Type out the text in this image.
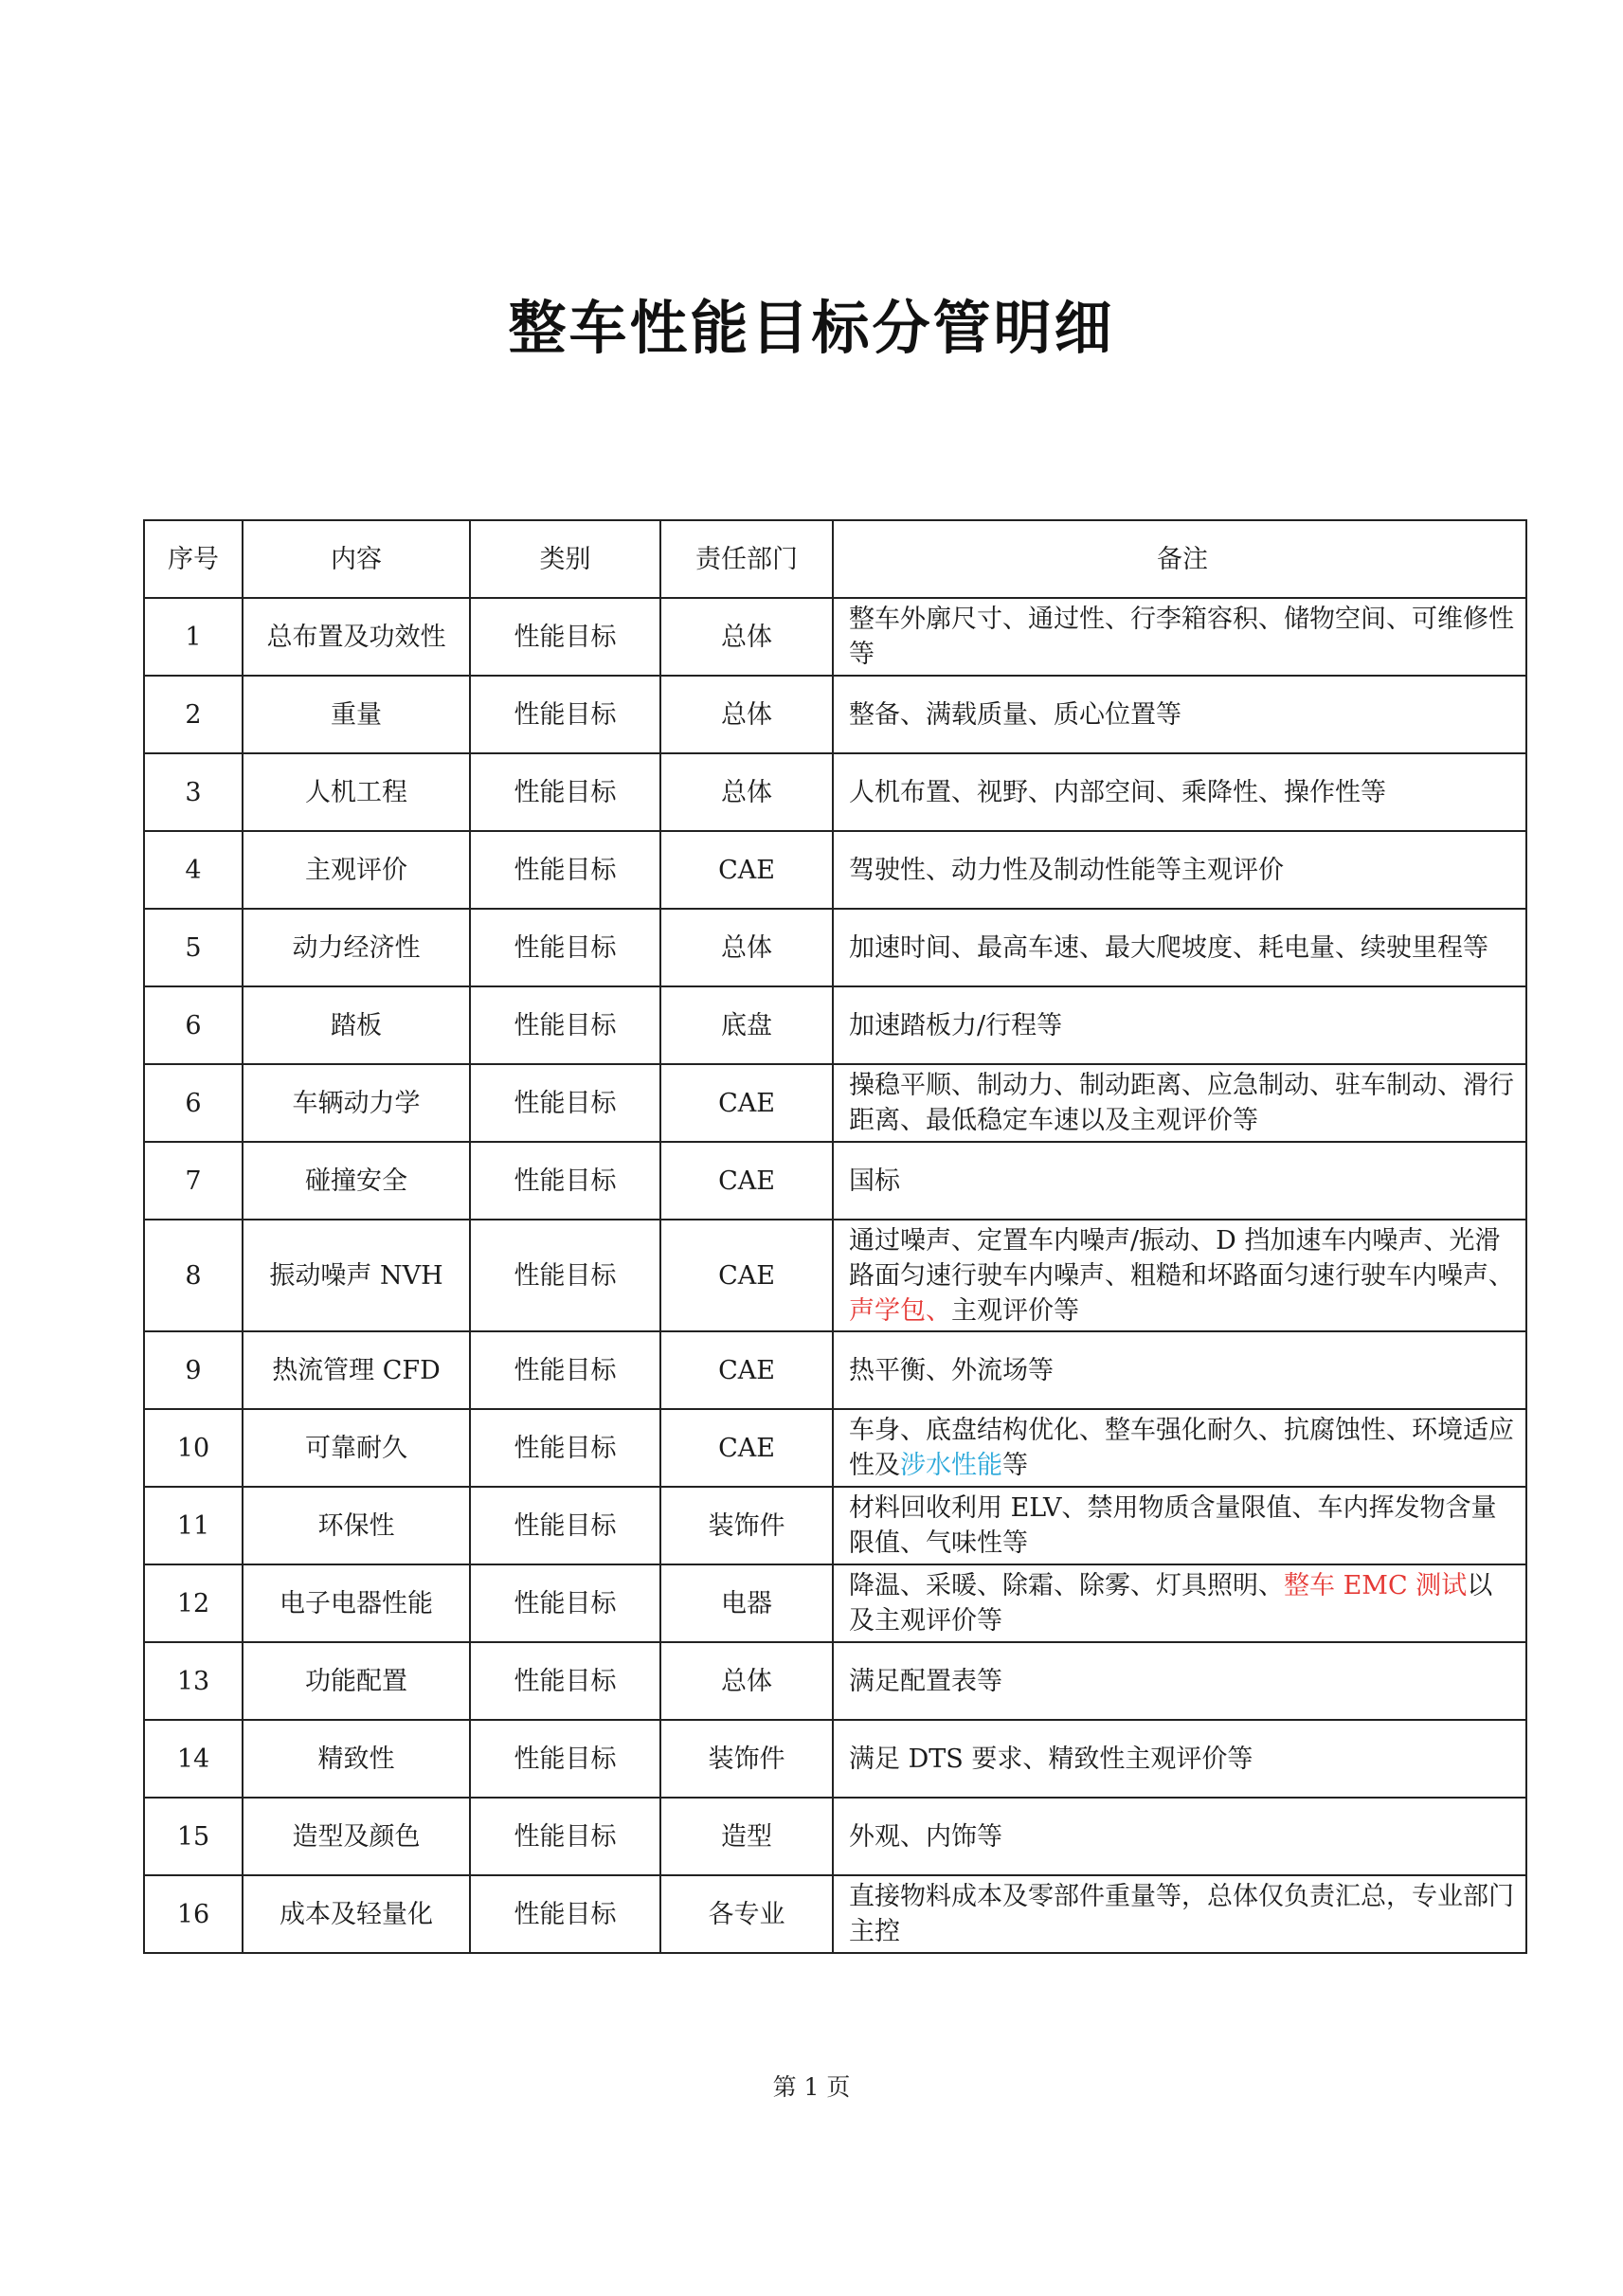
整车性能目标分管明细
序号	内容	类别	责任部门	备注
1	总布置及功效性	性能目标	总体	整车外廓尺寸、通过性、行李箱容积、储物空间、可维修性等
2	重量	性能目标	总体	整备、满载质量、质心位置等
3	人机工程	性能目标	总体	人机布置、视野、内部空间、乘降性、操作性等
4	主观评价	性能目标	CAE	驾驶性、动力性及制动性能等主观评价
5	动力经济性	性能目标	总体	加速时间、最高车速、最大爬坡度、耗电量、续驶里程等
6	踏板	性能目标	底盘	加速踏板力/行程等
6	车辆动力学	性能目标	CAE	操稳平顺、制动力、制动距离、应急制动、驻车制动、滑行距离、最低稳定车速以及主观评价等
7	碰撞安全	性能目标	CAE	国标
8	振动噪声 NVH	性能目标	CAE	通过噪声、定置车内噪声/振动、D 挡加速车内噪声、光滑路面匀速行驶车内噪声、粗糙和坏路面匀速行驶车内噪声、声学包、主观评价等
9	热流管理 CFD	性能目标	CAE	热平衡、外流场等
10	可靠耐久	性能目标	CAE	车身、底盘结构优化、整车强化耐久、抗腐蚀性、环境适应性及涉水性能等
11	环保性	性能目标	装饰件	材料回收利用 ELV、禁用物质含量限值、车内挥发物含量限值、气味性等
12	电子电器性能	性能目标	电器	降温、采暖、除霜、除雾、灯具照明、整车 EMC 测试以及主观评价等
13	功能配置	性能目标	总体	满足配置表等
14	精致性	性能目标	装饰件	满足 DTS 要求、精致性主观评价等
15	造型及颜色	性能目标	造型	外观、内饰等
16	成本及轻量化	性能目标	各专业	直接物料成本及零部件重量等，总体仅负责汇总，专业部门主控
第 1 页
